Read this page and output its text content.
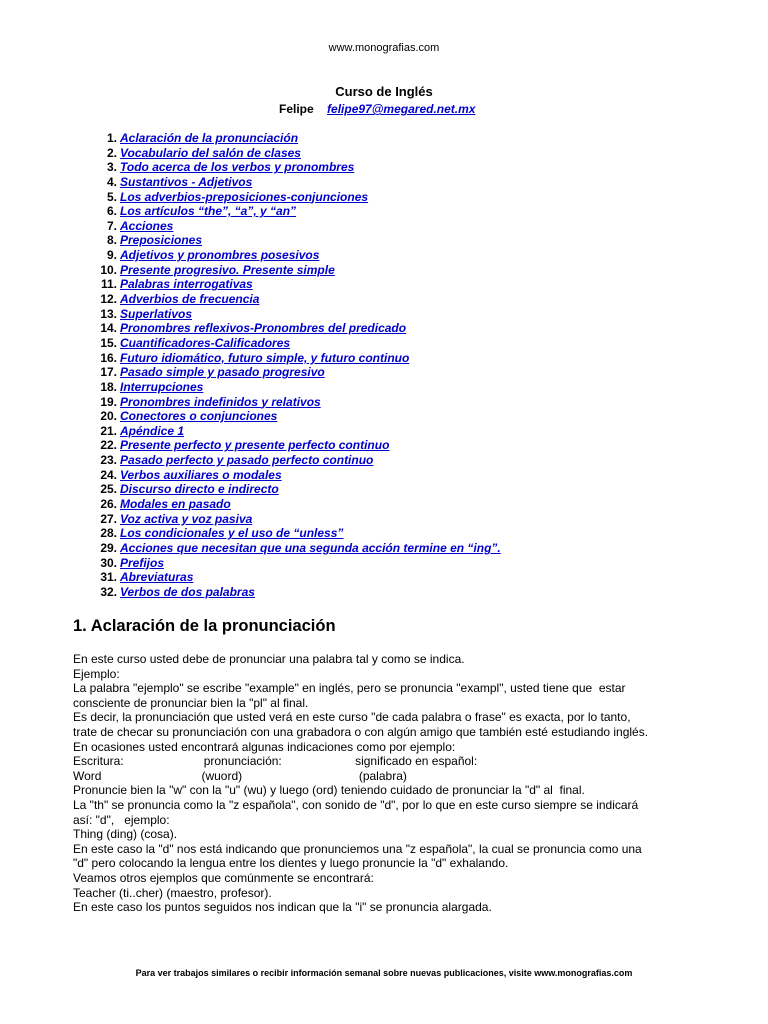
www.monografias.com
Curso de Inglés
Felipe felipe97@megared.net.mx
1. Aclaración de la pronunciación
2. Vocabulario del salón de clases
3. Todo acerca de los verbos y pronombres
4. Sustantivos - Adjetivos
5. Los adverbios-preposiciones-conjunciones
6. Los artículos “the”, “a”, y “an”
7. Acciones
8. Preposiciones
9. Adjetivos y pronombres posesivos
10. Presente progresivo. Presente simple
11. Palabras interrogativas
12. Adverbios de frecuencia
13. Superlativos
14. Pronombres reflexivos-Pronombres del predicado
15. Cuantificadores-Calificadores
16. Futuro idiomático, futuro simple, y futuro continuo
17. Pasado simple y pasado progresivo
18. Interrupciones
19. Pronombres indefinidos y relativos
20. Conectores o conjunciones
21. Apéndice 1
22. Presente perfecto y presente perfecto continuo
23. Pasado perfecto y pasado perfecto continuo
24. Verbos auxiliares o modales
25. Discurso directo e indirecto
26. Modales en pasado
27. Voz activa y voz pasiva
28. Los condicionales y el uso de “unless”
29. Acciones que necesitan que una segunda acción termine en “ing”.
30. Prefijos
31. Abreviaturas
32. Verbos de dos palabras
1. Aclaración de la pronunciación
En este curso usted debe de pronunciar una palabra tal y como se indica.
Ejemplo:
La palabra "ejemplo" se escribe "example" en inglés, pero se pronuncia "exampl", usted tiene que  estar
consciente de pronunciar bien la "pl" al final.
Es decir, la pronunciación que usted verá en este curso "de cada palabra o frase" es exacta, por lo tanto,
trate de checar su pronunciación con una grabadora o con algún amigo que también esté estudiando inglés.
En ocasiones usted encontrará algunas indicaciones como por ejemplo:
Escritura:                        pronunciación:                      significado en español:
Word                              (wuord)                                   (palabra)
Pronuncie bien la "w" con la "u" (wu) y luego (ord) teniendo cuidado de pronunciar la "d" al  final.
La "th" se pronuncia como la "z española", con sonido de "d", por lo que en este curso siempre se indicará
así: "d",   ejemplo:
Thing (ding) (cosa).
En este caso la "d" nos está indicando que pronunciemos una "z española", la cual se pronuncia como una
"d" pero colocando la lengua entre los dientes y luego pronuncie la "d" exhalando.
Veamos otros ejemplos que comúnmente se encontrará:
Teacher (ti..cher) (maestro, profesor).
En este caso los puntos seguidos nos indican que la "i" se pronuncia alargada.
Para ver trabajos similares o recibir información semanal sobre nuevas publicaciones, visite www.monografias.com
